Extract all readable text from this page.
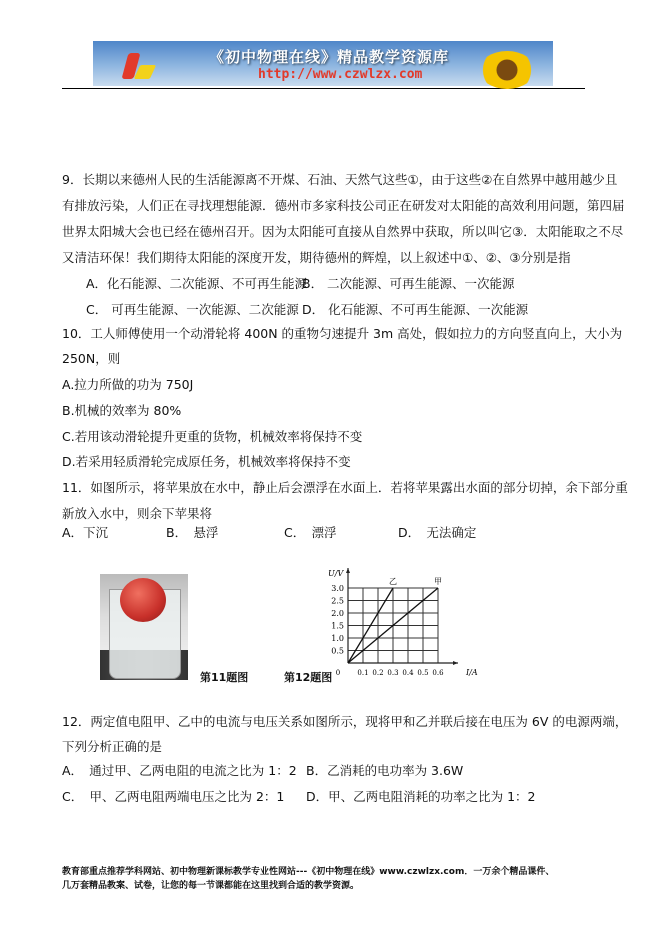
《初中物理在线》精品教学资源库
http://www.czwlzx.com
9．长期以来德州人民的生活能源离不开煤、石油、天然气这些①，由于这些②在自然界中越用越少且
有排放污染，人们正在寻找理想能源．德州市多家科技公司正在研发对太阳能的高效利用问题，第四届
世界太阳城大会也已经在德州召开。因为太阳能可直接从自然界中获取，所以叫它③．太阳能取之不尽
又清洁环保！我们期待太阳能的深度开发，期待德州的辉煌，以上叙述中①、②、③分别是指
A．化石能源、二次能源、不可再生能源
B． 二次能源、可再生能源、一次能源
C． 可再生能源、一次能源、二次能源 D． 化石能源、不可再生能源、一次能源
10．工人师傅使用一个动滑轮将 400N 的重物匀速提升 3m 高处，假如拉力的方向竖直向上，大小为
250N，则
A.拉力所做的功为 750J
B.机械的效率为 80%
C.若用该动滑轮提升更重的货物，机械效率将保持不变
D.若采用轻质滑轮完成原任务，机械效率将保持不变
11．如图所示，将苹果放在水中，静止后会漂浮在水面上．若将苹果露出水面的部分切掉，余下部分重
新放入水中，则余下苹果将
A．下沉	B．　悬浮	C．　漂浮	D．　无法确定
第11题图	第12题图
0.5
1.0
1.5
2.0
2.5
3.0
0 0.1 0.2 0.3 0.4 0.5 0.6	I/A
U/V
乙	甲
12．两定值电阻甲、乙中的电流与电压关系如图所示，现将甲和乙并联后接在电压为 6V 的电源两端，
下列分析正确的是
A．　通过甲、乙两电阻的电流之比为 1：2 B．乙消耗的电功率为 3.6W
C．　甲、乙两电阻两端电压之比为 2：1 D．甲、乙两电阻消耗的功率之比为 1：2
教育部重点推荐学科网站、初中物理新课标教学专业性网站---《初中物理在线》www.czwlzx.com．一万余个精品课件、
几万套精品教案、试卷，让您的每一节课都能在这里找到合适的教学资源。
